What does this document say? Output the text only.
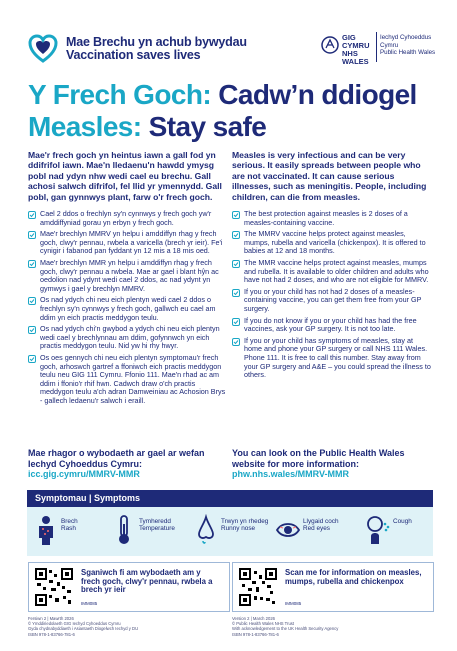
Mae Brechu yn achub bywydau
Vaccination saves lives
GIG CYMRU NHS WALES
Iechyd Cyhoeddus Cymru
Public Health Wales
Y Frech Goch: Cadw’n ddiogel
Measles: Stay safe

Mae'r frech goch yn heintus iawn a gall fod yn ddifrifol iawn. Mae'n lledaenu'n hawdd ymysg pobl nad ydyn nhw wedi cael eu brechu. Gall achosi salwch difrifol, fel llid yr ymennydd. Gall pobl, gan gynnwys plant, farw o'r frech goch.

Cael 2 ddos o frechlyn sy'n cynnwys y frech goch yw'r amddiffyniad gorau yn erbyn y frech goch.
Mae'r brechlyn MMRV yn helpu i amddiffyn rhag y frech goch, clwy'r pennau, rwbela a varicella (brech yr ieir). Fe'i cynigir i fabanod pan fyddant yn 12 mis a 18 mis oed.
Mae'r brechlyn MMR yn helpu i amddiffyn rhag y frech goch, clwy'r pennau a rwbela. Mae ar gael i blant hŷn ac oedolion nad ydynt wedi cael 2 ddos, ac nad ydynt yn gymwys i gael y brechlyn MMRV.
Os nad ydych chi neu eich plentyn wedi cael 2 ddos o frechlyn sy'n cynnwys y frech goch, gallwch eu cael am ddim yn eich practis meddygon teulu.
Os nad ydych chi'n gwybod a ydych chi neu eich plentyn wedi cael y brechlynnau am ddim, gofynnwch yn eich practis meddygon teulu. Nid yw hi rhy hwyr.
Os oes gennych chi neu eich plentyn symptomau'r frech goch, arhoswch gartref a ffoniwch eich practis meddygon teulu neu GIG 111 Cymru. Ffonio 111. Mae'n rhad ac am ddim i ffonio'r rhif hwn. Cadwch draw o'ch practis meddygon teulu a'ch adran Damweiniau ac Achosion Brys - gallech ledaenu'r salwch i eraill.

Measles is very infectious and can be very serious. It easily spreads between people who are not vaccinated. It can cause serious illnesses, such as meningitis. People, including children, can die from measles.

The best protection against measles is 2 doses of a measles-containing vaccine.
The MMRV vaccine helps protect against measles, mumps, rubella and varicella (chickenpox). It is offered to babies at 12 and 18 months.
The MMR vaccine helps protect against measles, mumps and rubella. It is available to older children and adults who have not had 2 doses, and who are not eligible for MMRV.
If you or your child has not had 2 doses of a measles-containing vaccine, you can get them free from your GP surgery.
If you do not know if you or your child has had the free vaccines, ask your GP surgery. It is not too late.
If you or your child has symptoms of measles, stay at home and phone your GP surgery or call NHS 111 Wales. Phone 111. It is free to call this number. Stay away from your GP surgery and A&E – you could spread the illness to others.
Mae rhagor o wybodaeth ar gael ar wefan Iechyd Cyhoeddus Cymru:
icc.gig.cymru/MMRV-MMR
You can look on the Public Health Wales website for more information:
phw.nhs.wales/MMRV-MMR
Symptomau | Symptoms
Brech
Rash
Tymheredd
Temperature
Trwyn yn rhedeg
Runny nose
Llygaid coch
Red eyes
Cough
Sganiwch fi am wybodaeth am y frech goch, clwy'r pennau, rwbela a brech yr ieir
IMM085
Scan me for information on measles, mumps, rubella and chickenpox
IMM085
Fersiwn 2 | Mawrth 2026
© Ymddiriedolaeth GIG Iechyd Cyhoeddus Cymru
Gyda chydnabyddiaeth i Asiantaeth Diogelwch Iechyd y DU
ISBN 978-1-83766-781-6
Version 2 | March 2026
© Public Health Wales NHS Trust
With acknowledgement to the UK Health Security Agency
ISBN 978-1-83766-781-6
